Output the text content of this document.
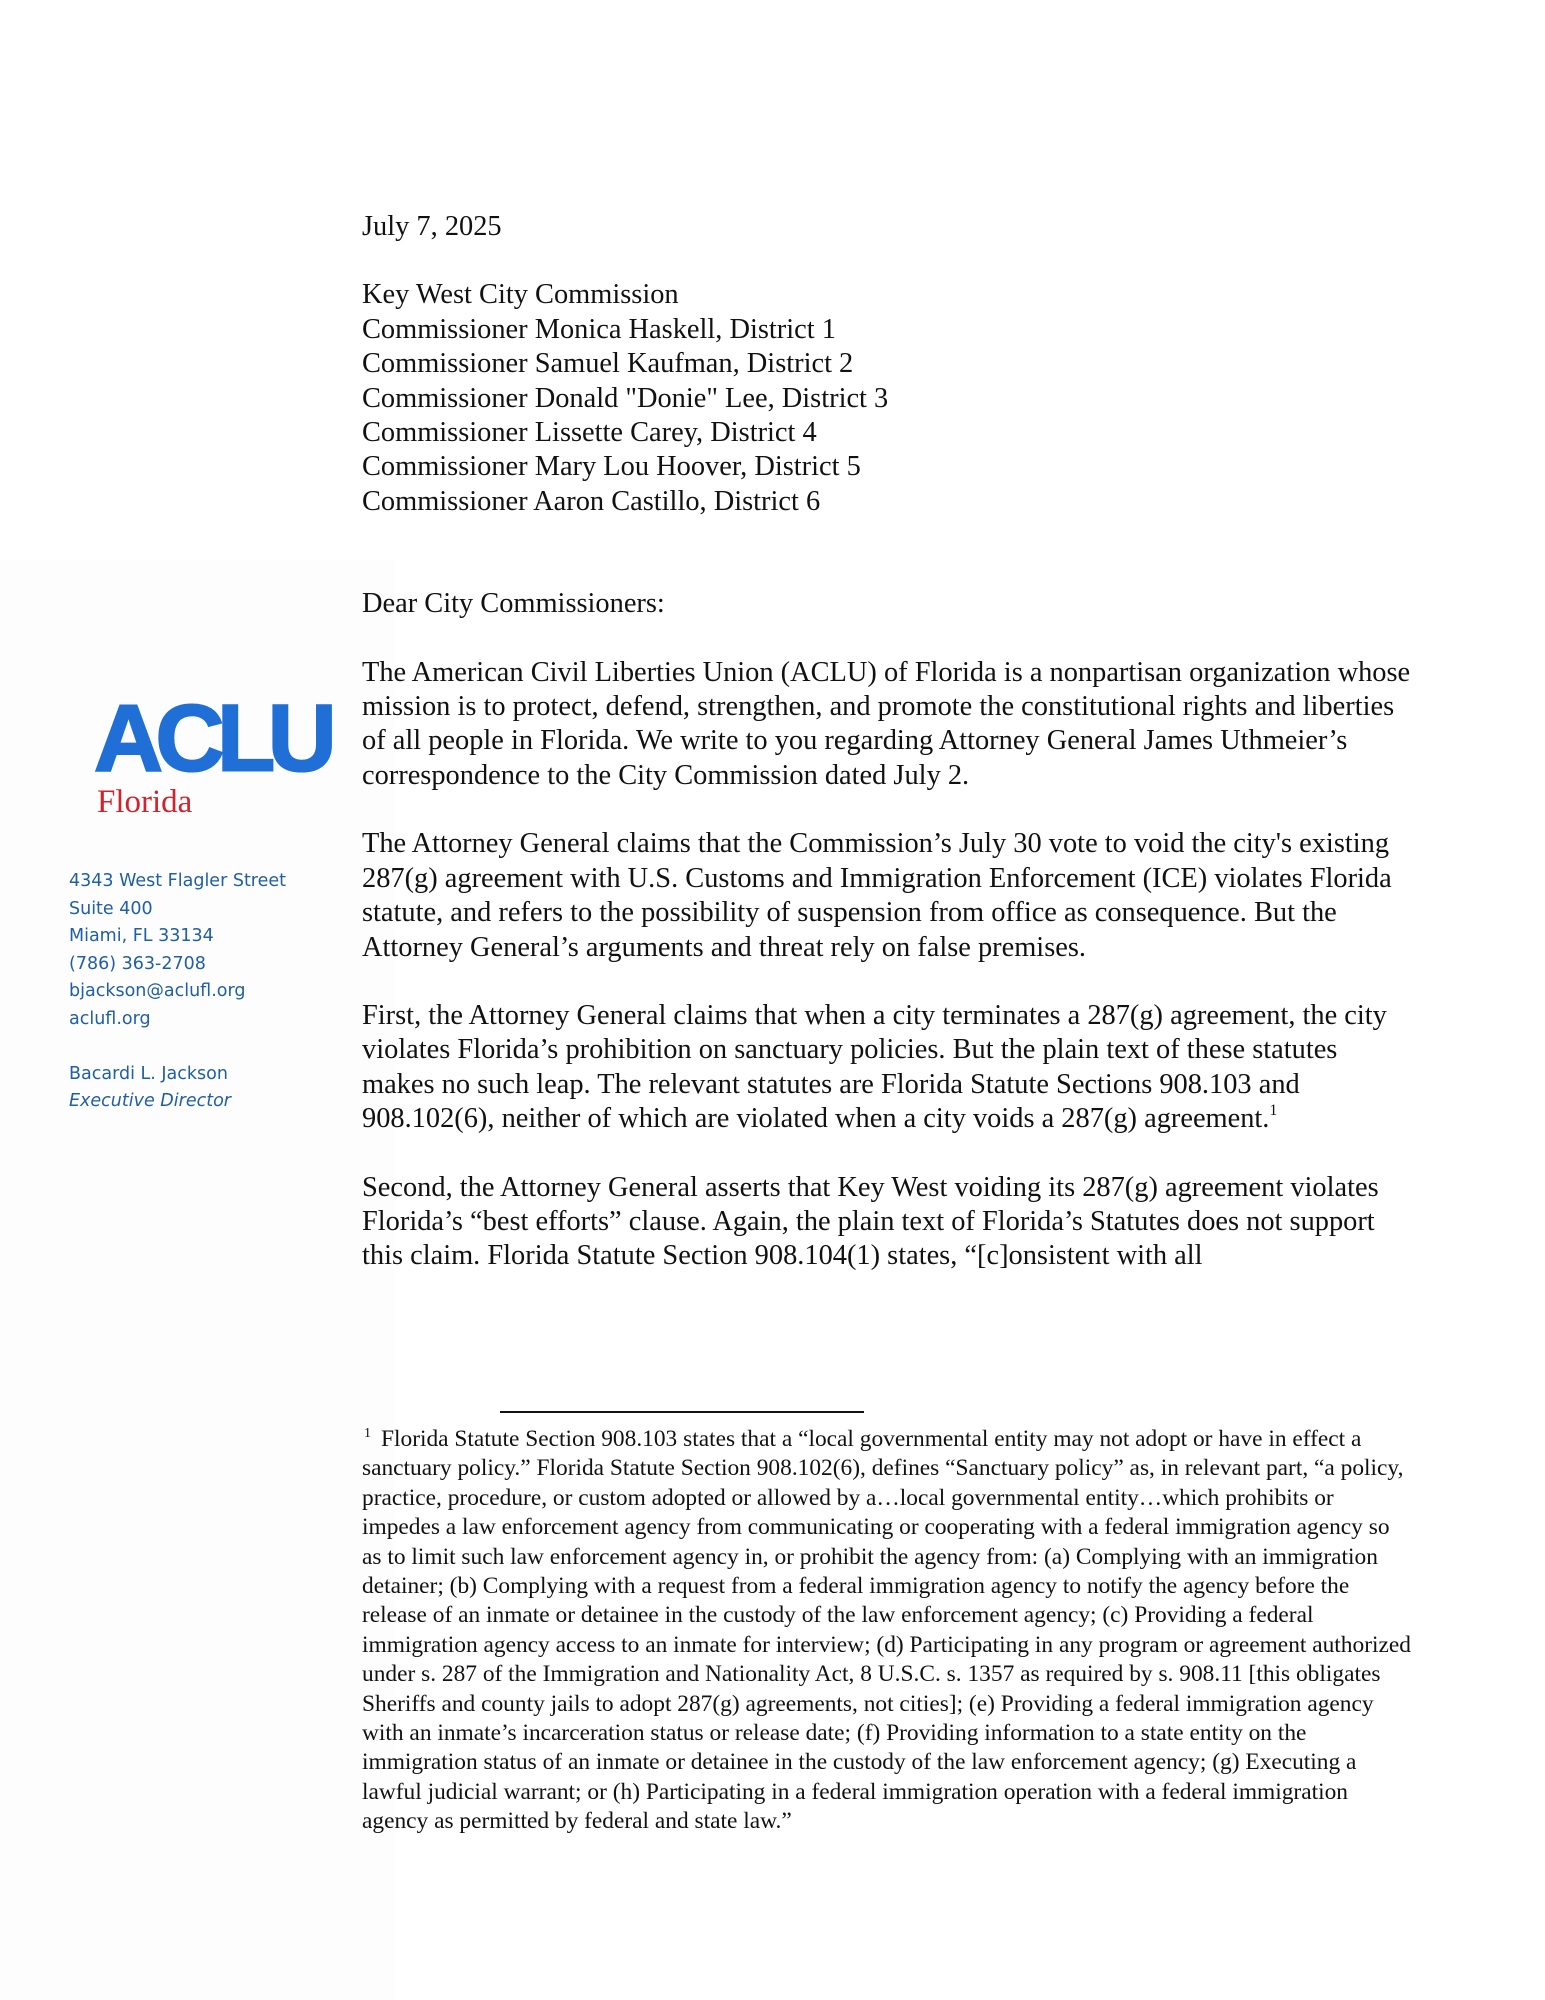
ACLU
Florida
4343 West Flagler Street
Suite 400
Miami, FL 33134
(786) 363-2708
bjackson@aclufl.org
aclufl.org
Bacardi L. Jackson
Executive Director
July 7, 2025
Key West City Commission
Commissioner Monica Haskell, District 1
Commissioner Samuel Kaufman, District 2
Commissioner Donald "Donie" Lee, District 3
Commissioner Lissette Carey, District 4
Commissioner Mary Lou Hoover, District 5
Commissioner Aaron Castillo, District 6
Dear City Commissioners:

The American Civil Liberties Union (ACLU) of Florida is a nonpartisan organization whose mission is to protect, defend, strengthen, and promote the constitutional rights and liberties of all people in Florida. We write to you regarding Attorney General James Uthmeier’s correspondence to the City Commission dated July 2.

The Attorney General claims that the Commission’s July 30 vote to void the city's existing 287(g) agreement with U.S. Customs and Immigration Enforcement (ICE) violates Florida statute, and refers to the possibility of suspension from office as consequence. But the Attorney General’s arguments and threat rely on false premises.

First, the Attorney General claims that when a city terminates a 287(g) agreement, the city violates Florida’s prohibition on sanctuary policies. But the plain text of these statutes makes no such leap. The relevant statutes are Florida Statute Sections 908.103 and 908.102(6), neither of which are violated when a city voids a 287(g) agreement.$^1$

Second, the Attorney General asserts that Key West voiding its 287(g) agreement violates Florida’s “best efforts” clause. Again, the plain text of Florida’s Statutes does not support this claim. Florida Statute Section 908.104(1) states, “[c]onsistent with all

$^1$ Florida Statute Section 908.103 states that a “local governmental entity may not adopt or have in effect a sanctuary policy.” Florida Statute Section 908.102(6), defines “Sanctuary policy” as, in relevant part, “a policy, practice, procedure, or custom adopted or allowed by a…local governmental entity…which prohibits or impedes a law enforcement agency from communicating or cooperating with a federal immigration agency so as to limit such law enforcement agency in, or prohibit the agency from: (a) Complying with an immigration detainer; (b) Complying with a request from a federal immigration agency to notify the agency before the release of an inmate or detainee in the custody of the law enforcement agency; (c) Providing a federal immigration agency access to an inmate for interview; (d) Participating in any program or agreement authorized under s. 287 of the Immigration and Nationality Act, 8 U.S.C. s. 1357 as required by s. 908.11 [this obligates Sheriffs and county jails to adopt 287(g) agreements, not cities]; (e) Providing a federal immigration agency with an inmate’s incarceration status or release date; (f) Providing information to a state entity on the immigration status of an inmate or detainee in the custody of the law enforcement agency; (g) Executing a lawful judicial warrant; or (h) Participating in a federal immigration operation with a federal immigration agency as permitted by federal and state law.”
